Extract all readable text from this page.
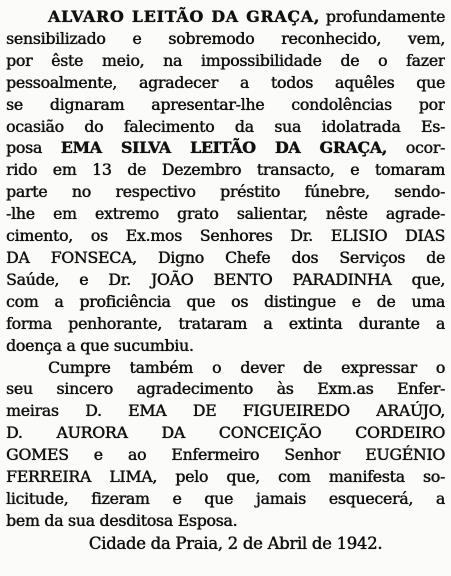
ALVARO LEITÃO DA GRAÇA, profundamente
sensibilizado e sobremodo reconhecido, vem,
por êste meio, na impossibilidade de o fazer
pessoalmente, agradecer a todos aquêles que
se dignaram apresentar-lhe condolências por
ocasião do falecimento da sua idolatrada Es-
posa EMA SILVA LEITÃO DA GRAÇA, ocor-
rido em 13 de Dezembro transacto, e tomaram
parte no respectivo préstito fúnebre, sendo-
-lhe em extremo grato salientar, nêste agrade-
cimento, os Ex.mos Senhores Dr. ELISIO DIAS
DA FONSECA, Digno Chefe dos Serviços de
Saúde, e Dr. JOÃO BENTO PARADINHA que,
com a proficiência que os distingue e de uma
forma penhorante, trataram a extinta durante a
doença a que sucumbiu.
Cumpre também o dever de expressar o
seu sincero agradecimento às Exm.as Enfer-
meiras D. EMA DE FIGUEIREDO ARAÚJO,
D. AURORA DA CONCEIÇÃO CORDEIRO
GOMES e ao Enfermeiro Senhor EUGÉNIO
FERREIRA LIMA, pelo que, com manifesta so-
licitude, fizeram e que jamais esquecerá, a
bem da sua desditosa Esposa.
Cidade da Praia, 2 de Abril de 1942.
